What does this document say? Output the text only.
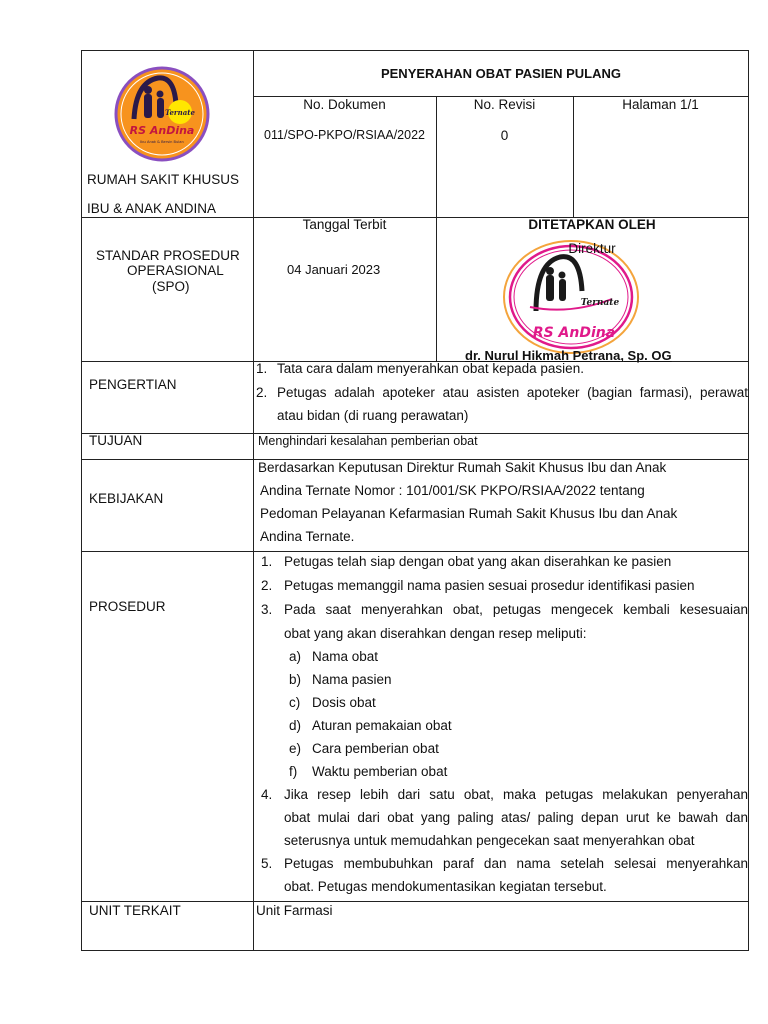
Ternate
RS AnDina
Ibu Anak & Bersin Bulan
RUMAH SAKIT KHUSUS
IBU & ANAK ANDINA
PENYERAHAN OBAT PASIEN PULANG
No. Dokumen
011/SPO-PKPO/RSIAA/2022
No. Revisi
0
Halaman 1/1
STANDAR PROSEDUR
OPERASIONAL
(SPO)
Tanggal Terbit
04 Januari 2023
DITETAPKAN OLEH
Ternate
RS AnDina
Direktur
dr. Nurul Hikmah Petrana, Sp. OG
PENGERTIAN
1. Tata cara dalam menyerahkan obat kepada pasien.
2. Petugas adalah apoteker atau asisten apoteker (bagian farmasi), perawat
atau bidan (di ruang perawatan)
TUJUAN	Menghindari kesalahan pemberian obat
KEBIJAKAN
Berdasarkan Keputusan Direktur Rumah Sakit Khusus Ibu dan Anak
Andina Ternate Nomor : 101/001/SK PKPO/RSIAA/2022 tentang
Pedoman Pelayanan Kefarmasian Rumah Sakit Khusus Ibu dan Anak
Andina Ternate.
PROSEDUR
1. Petugas telah siap dengan obat yang akan diserahkan ke pasien
2. Petugas memanggil nama pasien sesuai prosedur identifikasi pasien
3. Pada saat menyerahkan obat, petugas mengecek kembali kesesuaian
obat yang akan diserahkan dengan resep meliputi:
a) Nama obat
b) Nama pasien
c) Dosis obat
d) Aturan pemakaian obat
e) Cara pemberian obat
f) Waktu pemberian obat
4. Jika resep lebih dari satu obat, maka petugas melakukan penyerahan
obat mulai dari obat yang paling atas/ paling depan urut ke bawah dan
seterusnya untuk memudahkan pengecekan saat menyerahkan obat
5. Petugas membubuhkan paraf dan nama setelah selesai menyerahkan
obat. Petugas mendokumentasikan kegiatan tersebut.
UNIT TERKAIT	Unit Farmasi
